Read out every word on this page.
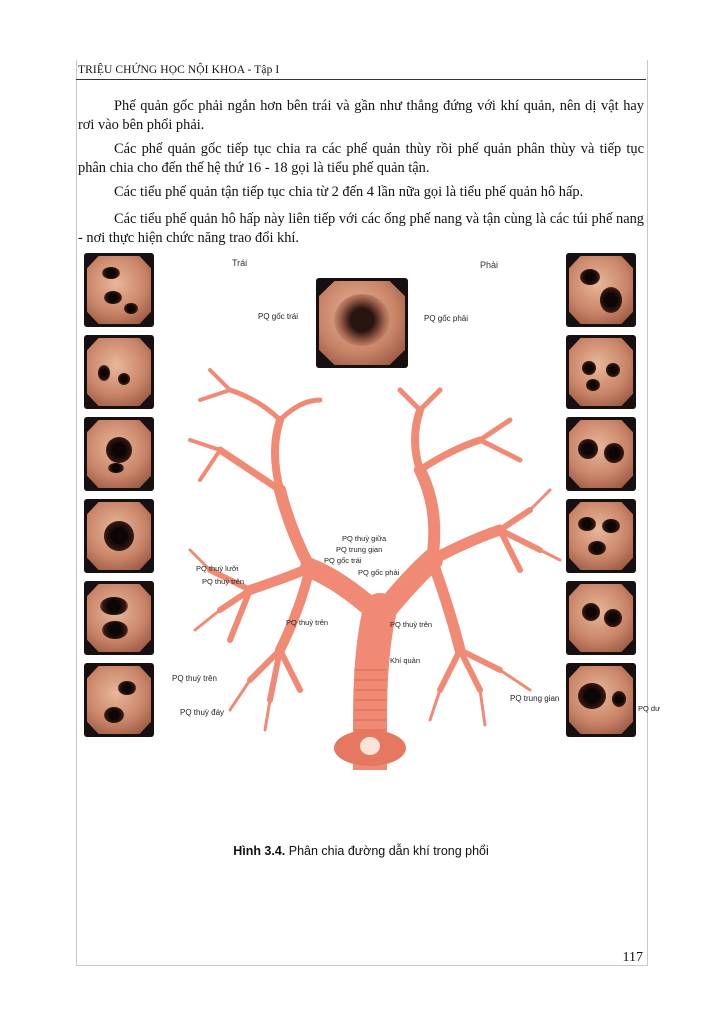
TRIỆU CHỨNG HỌC NỘI KHOA - Tập I

Phế quản gốc phải ngắn hơn bên trái và gần như thẳng đứng với khí quản, nên dị vật hay rơi vào bên phổi phải.

Các phế quản gốc tiếp tục chia ra các phế quản thùy rồi phế quản phân thùy và tiếp tục phân chia cho đến thế hệ thứ 16 - 18 gọi là tiểu phế quản tận.

Các tiểu phế quản tận tiếp tục chia từ 2 đến 4 lần nữa gọi là tiểu phế quản hô hấp.

Các tiểu phế quản hô hấp này liên tiếp với các ống phế nang và tận cùng là các túi phế nang - nơi thực hiện chức năng trao đổi khí.

Trái	Phải
PQ gốc trái	PQ gốc phải
PQ thuỳ giữa
PQ trung gian
PQ gốc trái
PQ gốc phải
PQ thuỳ lưỡi
PQ thuỳ trên
PQ thuỳ trên	PQ thuỳ trên
Khí quản
PQ thuỳ trên
PQ thuỳ đáy
PQ trung gian
PQ dư
Hình 3.4. Phân chia đường dẫn khí trong phổi
117
